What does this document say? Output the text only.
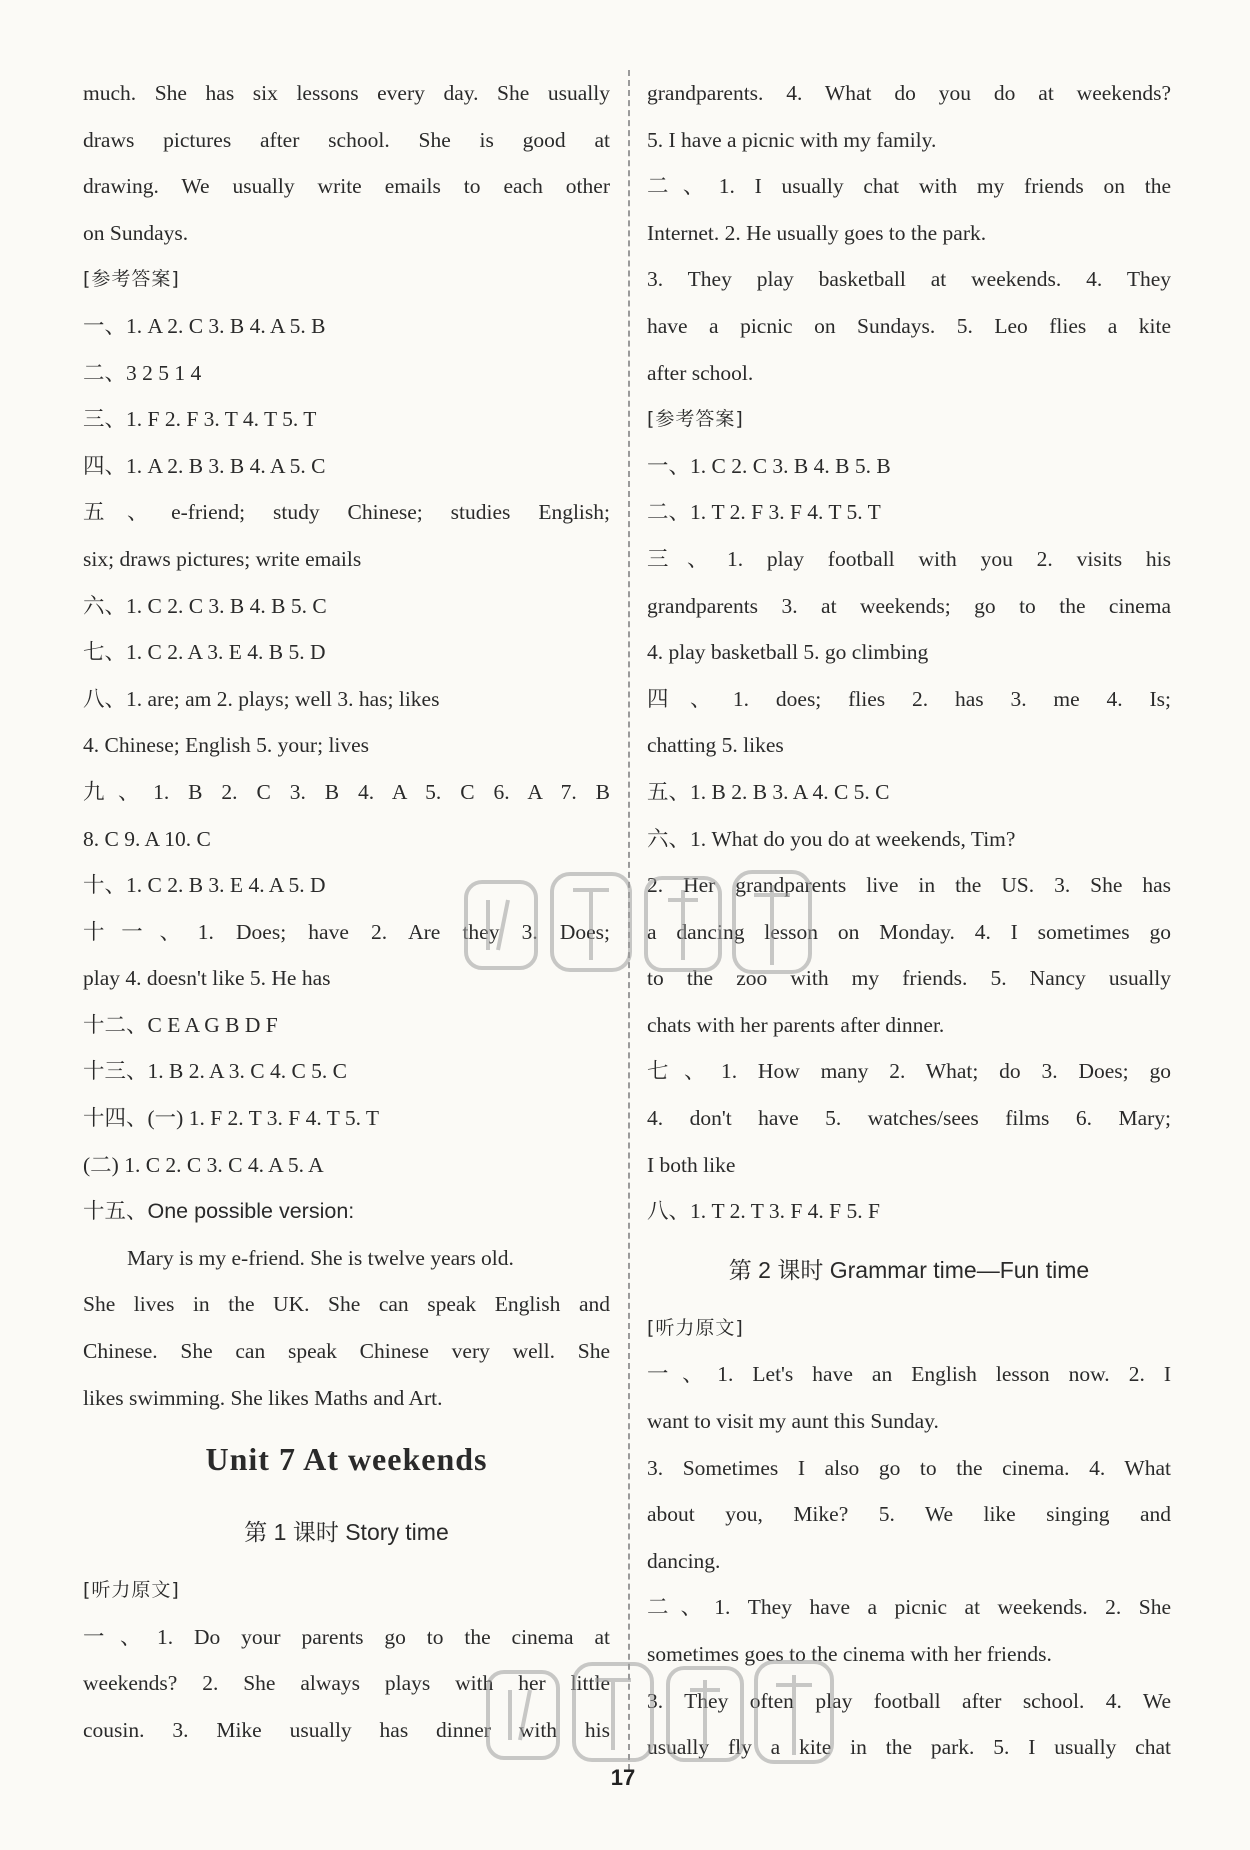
much. She has six lessons every day. She usually
draws pictures after school. She is good at
drawing. We usually write emails to each other
on Sundays.
[参考答案]
一、1. A 2. C 3. B 4. A 5. B
二、3 2 5 1 4
三、1. F 2. F 3. T 4. T 5. T
四、1. A 2. B 3. B 4. A 5. C
五、e-friend; study Chinese; studies English;
six; draws pictures; write emails
六、1. C 2. C 3. B 4. B 5. C
七、1. C 2. A 3. E 4. B 5. D
八、1. are; am 2. plays; well 3. has; likes
4. Chinese; English 5. your; lives
九、1. B 2. C 3. B 4. A 5. C 6. A 7. B
8. C 9. A 10. C
十、1. C 2. B 3. E 4. A 5. D
十一、1. Does; have 2. Are they 3. Does;
play 4. doesn't like 5. He has
十二、C E A G B D F
十三、1. B 2. A 3. C 4. C 5. C
十四、(一) 1. F 2. T 3. F 4. T 5. T
(二) 1. C 2. C 3. C 4. A 5. A
十五、One possible version:
Mary is my e-friend. She is twelve years old.
She lives in the UK. She can speak English and
Chinese. She can speak Chinese very well. She
likes swimming. She likes Maths and Art.
Unit 7 At weekends
第 1 课时 Story time
[听力原文]
一、1. Do your parents go to the cinema at
weekends? 2. She always plays with her little
cousin. 3. Mike usually has dinner with his
grandparents. 4. What do you do at weekends?
5. I have a picnic with my family.
二、1. I usually chat with my friends on the
Internet. 2. He usually goes to the park.
3. They play basketball at weekends. 4. They
have a picnic on Sundays. 5. Leo flies a kite
after school.
[参考答案]
一、1. C 2. C 3. B 4. B 5. B
二、1. T 2. F 3. F 4. T 5. T
三、1. play football with you 2. visits his
grandparents 3. at weekends; go to the cinema
4. play basketball 5. go climbing
四、1. does; flies 2. has 3. me 4. Is;
chatting 5. likes
五、1. B 2. B 3. A 4. C 5. C
六、1. What do you do at weekends, Tim?
2. Her grandparents live in the US. 3. She has
a dancing lesson on Monday. 4. I sometimes go
to the zoo with my friends. 5. Nancy usually
chats with her parents after dinner.
七、1. How many 2. What; do 3. Does; go
4. don't have 5. watches/sees films 6. Mary;
I both like
八、1. T 2. T 3. F 4. F 5. F
第 2 课时 Grammar time—Fun time
[听力原文]
一、1. Let's have an English lesson now. 2. I
want to visit my aunt this Sunday.
3. Sometimes I also go to the cinema. 4. What
about you, Mike? 5. We like singing and
dancing.
二、1. They have a picnic at weekends. 2. She
sometimes goes to the cinema with her friends.
3. They often play football after school. 4. We
usually fly a kite in the park. 5. I usually chat
17
